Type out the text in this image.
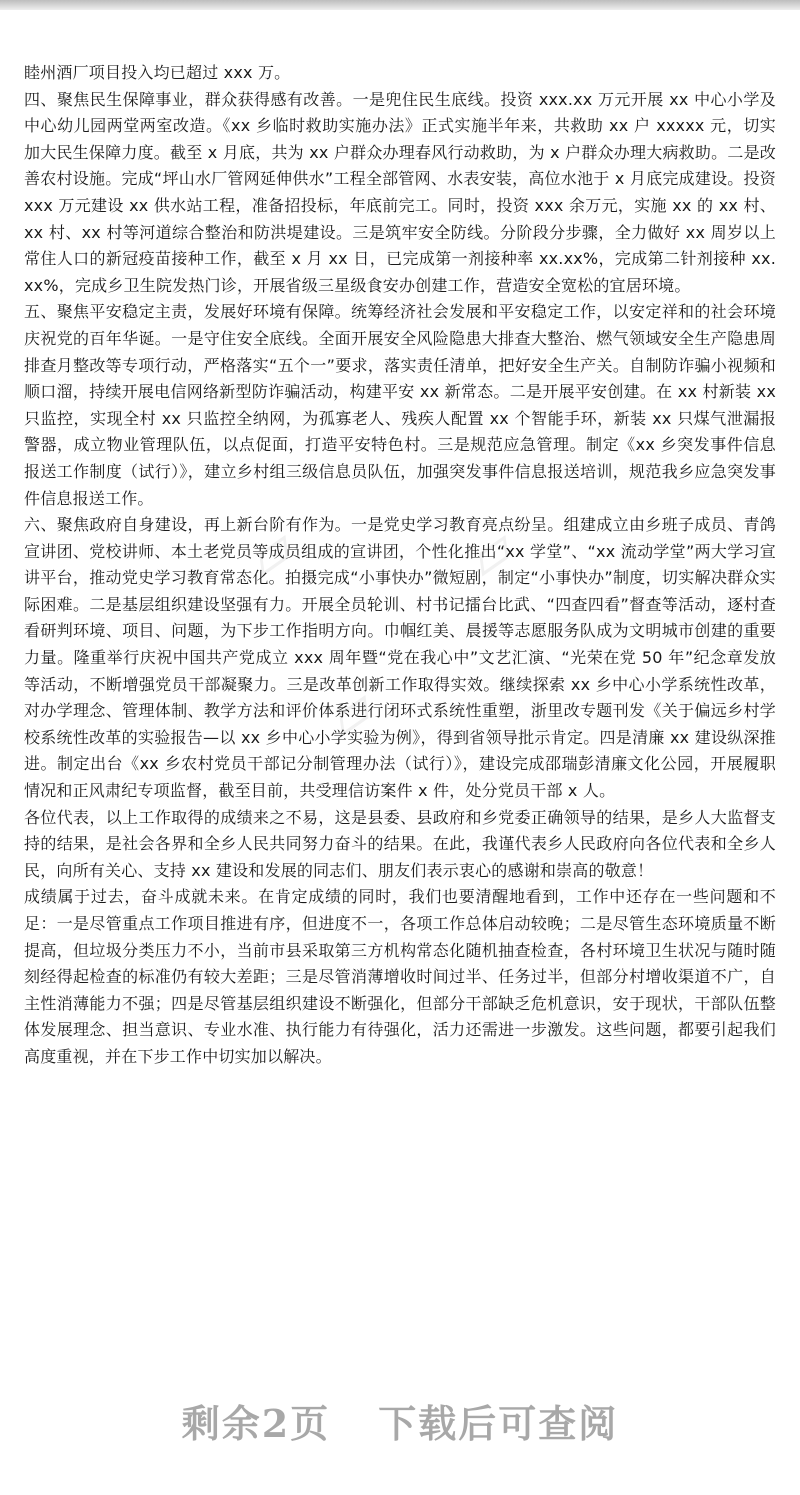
▱	▱
▱

睦州酒厂项目投入均已超过 xxx 万。

四、聚焦民生保障事业，群众获得感有改善。一是兜住民生底线。投资 xxx.xx 万元开展 xx 中心小学及中心幼儿园两堂两室改造。《xx 乡临时救助实施办法》正式实施半年来，共救助 xx 户 xxxxx 元，切实加大民生保障力度。截至 x 月底，共为 xx 户群众办理春风行动救助，为 x 户群众办理大病救助。二是改善农村设施。完成“坪山水厂管网延伸供水”工程全部管网、水表安装，高位水池于 x 月底完成建设。投资 xxx 万元建设 xx 供水站工程，准备招投标，年底前完工。同时，投资 xxx 余万元，实施 xx 的 xx 村、xx 村、xx 村等河道综合整治和防洪堤建设。三是筑牢安全防线。分阶段分步骤，全力做好 xx 周岁以上常住人口的新冠疫苗接种工作，截至 x 月 xx 日，已完成第一剂接种率 xx.xx%，完成第二针剂接种 xx.xx%，完成乡卫生院发热门诊，开展省级三星级食安办创建工作，营造安全宽松的宜居环境。

五、聚焦平安稳定主责，发展好环境有保障。统筹经济社会发展和平安稳定工作，以安定祥和的社会环境庆祝党的百年华诞。一是守住安全底线。全面开展安全风险隐患大排查大整治、燃气领域安全生产隐患周排查月整改等专项行动，严格落实“五个一”要求，落实责任清单，把好安全生产关。自制防诈骗小视频和顺口溜，持续开展电信网络新型防诈骗活动，构建平安 xx 新常态。二是开展平安创建。在 xx 村新装 xx 只监控，实现全村 xx 只监控全纳网，为孤寡老人、残疾人配置 xx 个智能手环，新装 xx 只煤气泄漏报警器，成立物业管理队伍，以点促面，打造平安特色村。三是规范应急管理。制定《xx 乡突发事件信息报送工作制度（试行）》，建立乡村组三级信息员队伍，加强突发事件信息报送培训，规范我乡应急突发事件信息报送工作。

六、聚焦政府自身建设，再上新台阶有作为。一是党史学习教育亮点纷呈。组建成立由乡班子成员、青鸽宣讲团、党校讲师、本土老党员等成员组成的宣讲团，个性化推出“xx 学堂”、“xx 流动学堂”两大学习宣讲平台，推动党史学习教育常态化。拍摄完成“小事快办”微短剧，制定“小事快办”制度，切实解决群众实际困难。二是基层组织建设坚强有力。开展全员轮训、村书记擂台比武、“四查四看”督查等活动，逐村查看研判环境、项目、问题，为下步工作指明方向。巾帼红美、晨援等志愿服务队成为文明城市创建的重要力量。隆重举行庆祝中国共产党成立 xxx 周年暨“党在我心中”文艺汇演、“光荣在党 50 年”纪念章发放等活动，不断增强党员干部凝聚力。三是改革创新工作取得实效。继续探索 xx 乡中心小学系统性改革，对办学理念、管理体制、教学方法和评价体系进行闭环式系统性重塑，浙里改专题刊发《关于偏远乡村学校系统性改革的实验报告—以 xx 乡中心小学实验为例》，得到省领导批示肯定。四是清廉 xx 建设纵深推进。制定出台《xx 乡农村党员干部记分制管理办法（试行）》，建设完成邵瑞彭清廉文化公园，开展履职情况和正风肃纪专项监督，截至目前，共受理信访案件 x 件，处分党员干部 x 人。

各位代表，以上工作取得的成绩来之不易，这是县委、县政府和乡党委正确领导的结果，是乡人大监督支持的结果，是社会各界和全乡人民共同努力奋斗的结果。在此，我谨代表乡人民政府向各位代表和全乡人民，向所有关心、支持 xx 建设和发展的同志们、朋友们表示衷心的感谢和崇高的敬意！

成绩属于过去，奋斗成就未来。在肯定成绩的同时，我们也要清醒地看到，工作中还存在一些问题和不足：一是尽管重点工作项目推进有序，但进度不一，各项工作总体启动较晚；二是尽管生态环境质量不断提高，但垃圾分类压力不小，当前市县采取第三方机构常态化随机抽查检查，各村环境卫生状况与随时随刻经得起检查的标准仍有较大差距；三是尽管消薄增收时间过半、任务过半，但部分村增收渠道不广，自主性消薄能力不强；四是尽管基层组织建设不断强化，但部分干部缺乏危机意识，安于现状，干部队伍整体发展理念、担当意识、专业水准、执行能力有待强化，活力还需进一步激发。这些问题，都要引起我们高度重视，并在下步工作中切实加以解决。

剩余2页 下载后可查阅
